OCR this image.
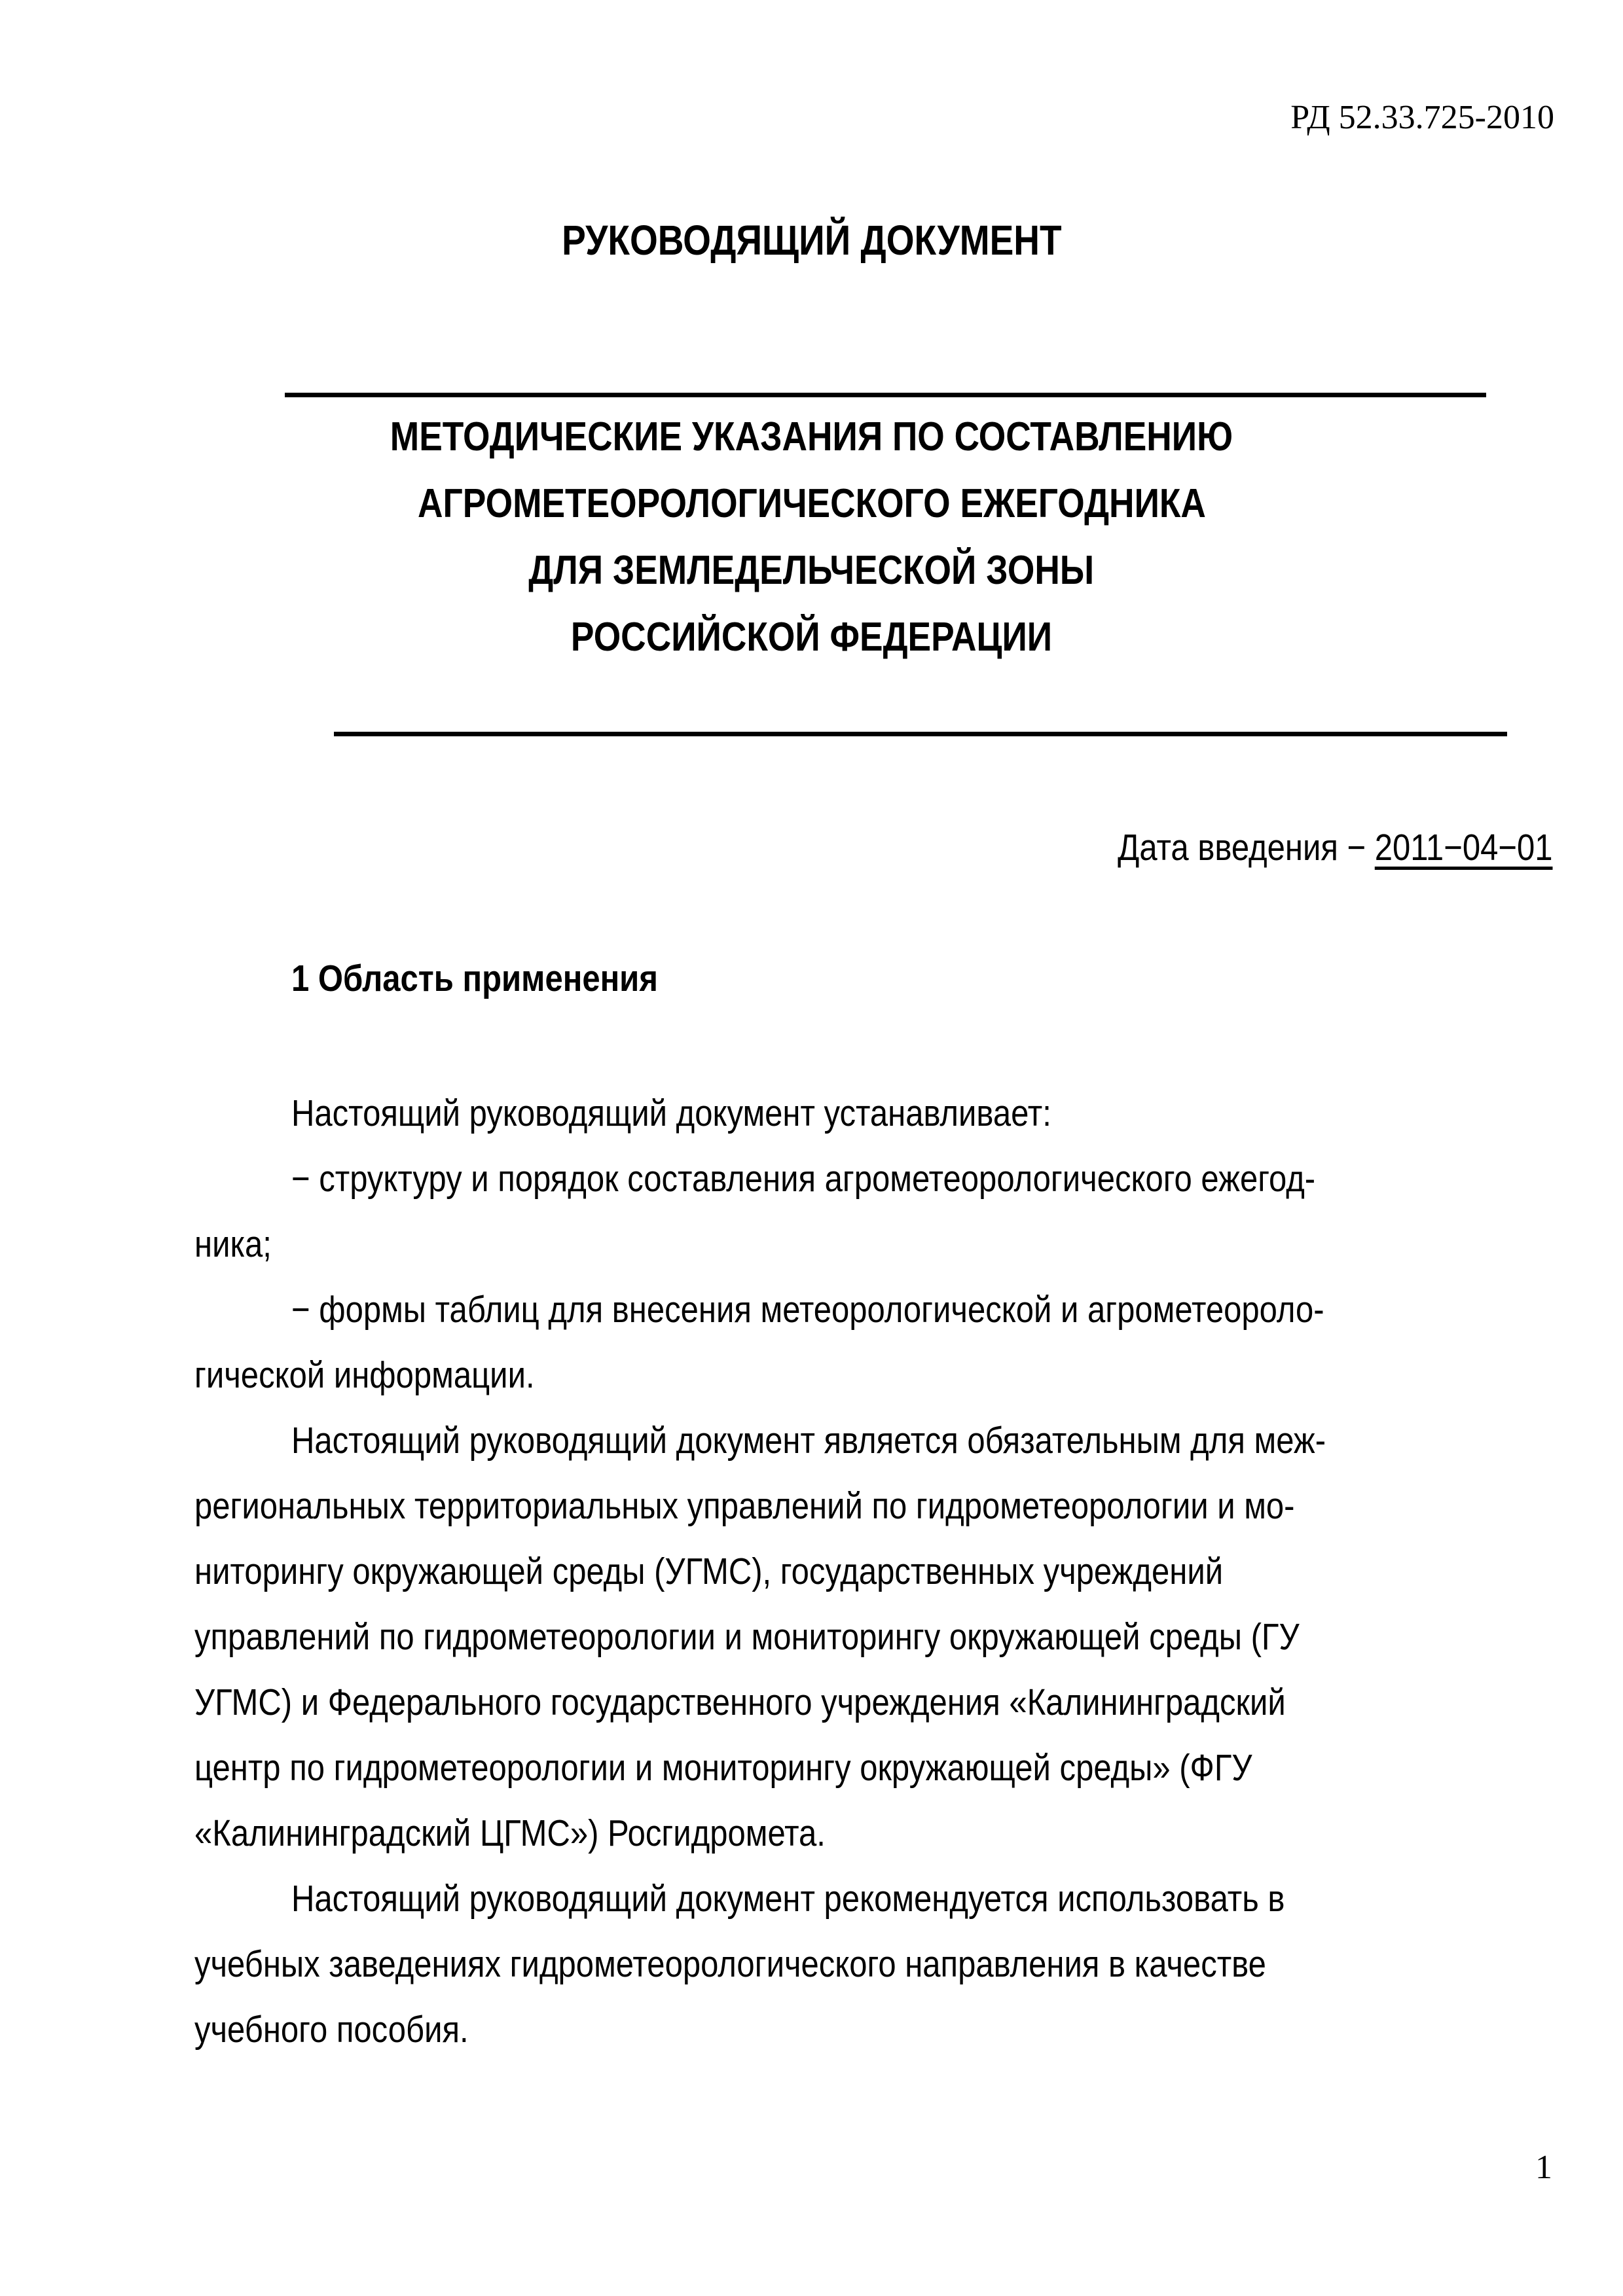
РД 52.33.725-2010
РУКОВОДЯЩИЙ ДОКУМЕНТ
МЕТОДИЧЕСКИЕ УКАЗАНИЯ ПО СОСТАВЛЕНИЮ
АГРОМЕТЕОРОЛОГИЧЕСКОГО ЕЖЕГОДНИКА
ДЛЯ ЗЕМЛЕДЕЛЬЧЕСКОЙ ЗОНЫ
РОССИЙСКОЙ ФЕДЕРАЦИИ
Дата введения − 2011−04−01
1 Область применения
Настоящий руководящий документ устанавливает:
− структуру и порядок составления агрометеорологического ежегод-
ника;
− формы таблиц для внесения метеорологической и агрометеороло-
гической информации.
Настоящий руководящий документ является обязательным для меж-
региональных территориальных управлений по гидрометеорологии и мо-
ниторингу окружающей среды (УГМС), государственных учреждений
управлений по гидрометеорологии и мониторингу окружающей среды (ГУ
УГМС) и Федерального государственного учреждения «Калининградский
центр по гидрометеорологии и мониторингу окружающей среды» (ФГУ
«Калининградский ЦГМС») Росгидромета.
Настоящий руководящий документ рекомендуется использовать в
учебных заведениях гидрометеорологического направления в качестве
учебного пособия.
1
